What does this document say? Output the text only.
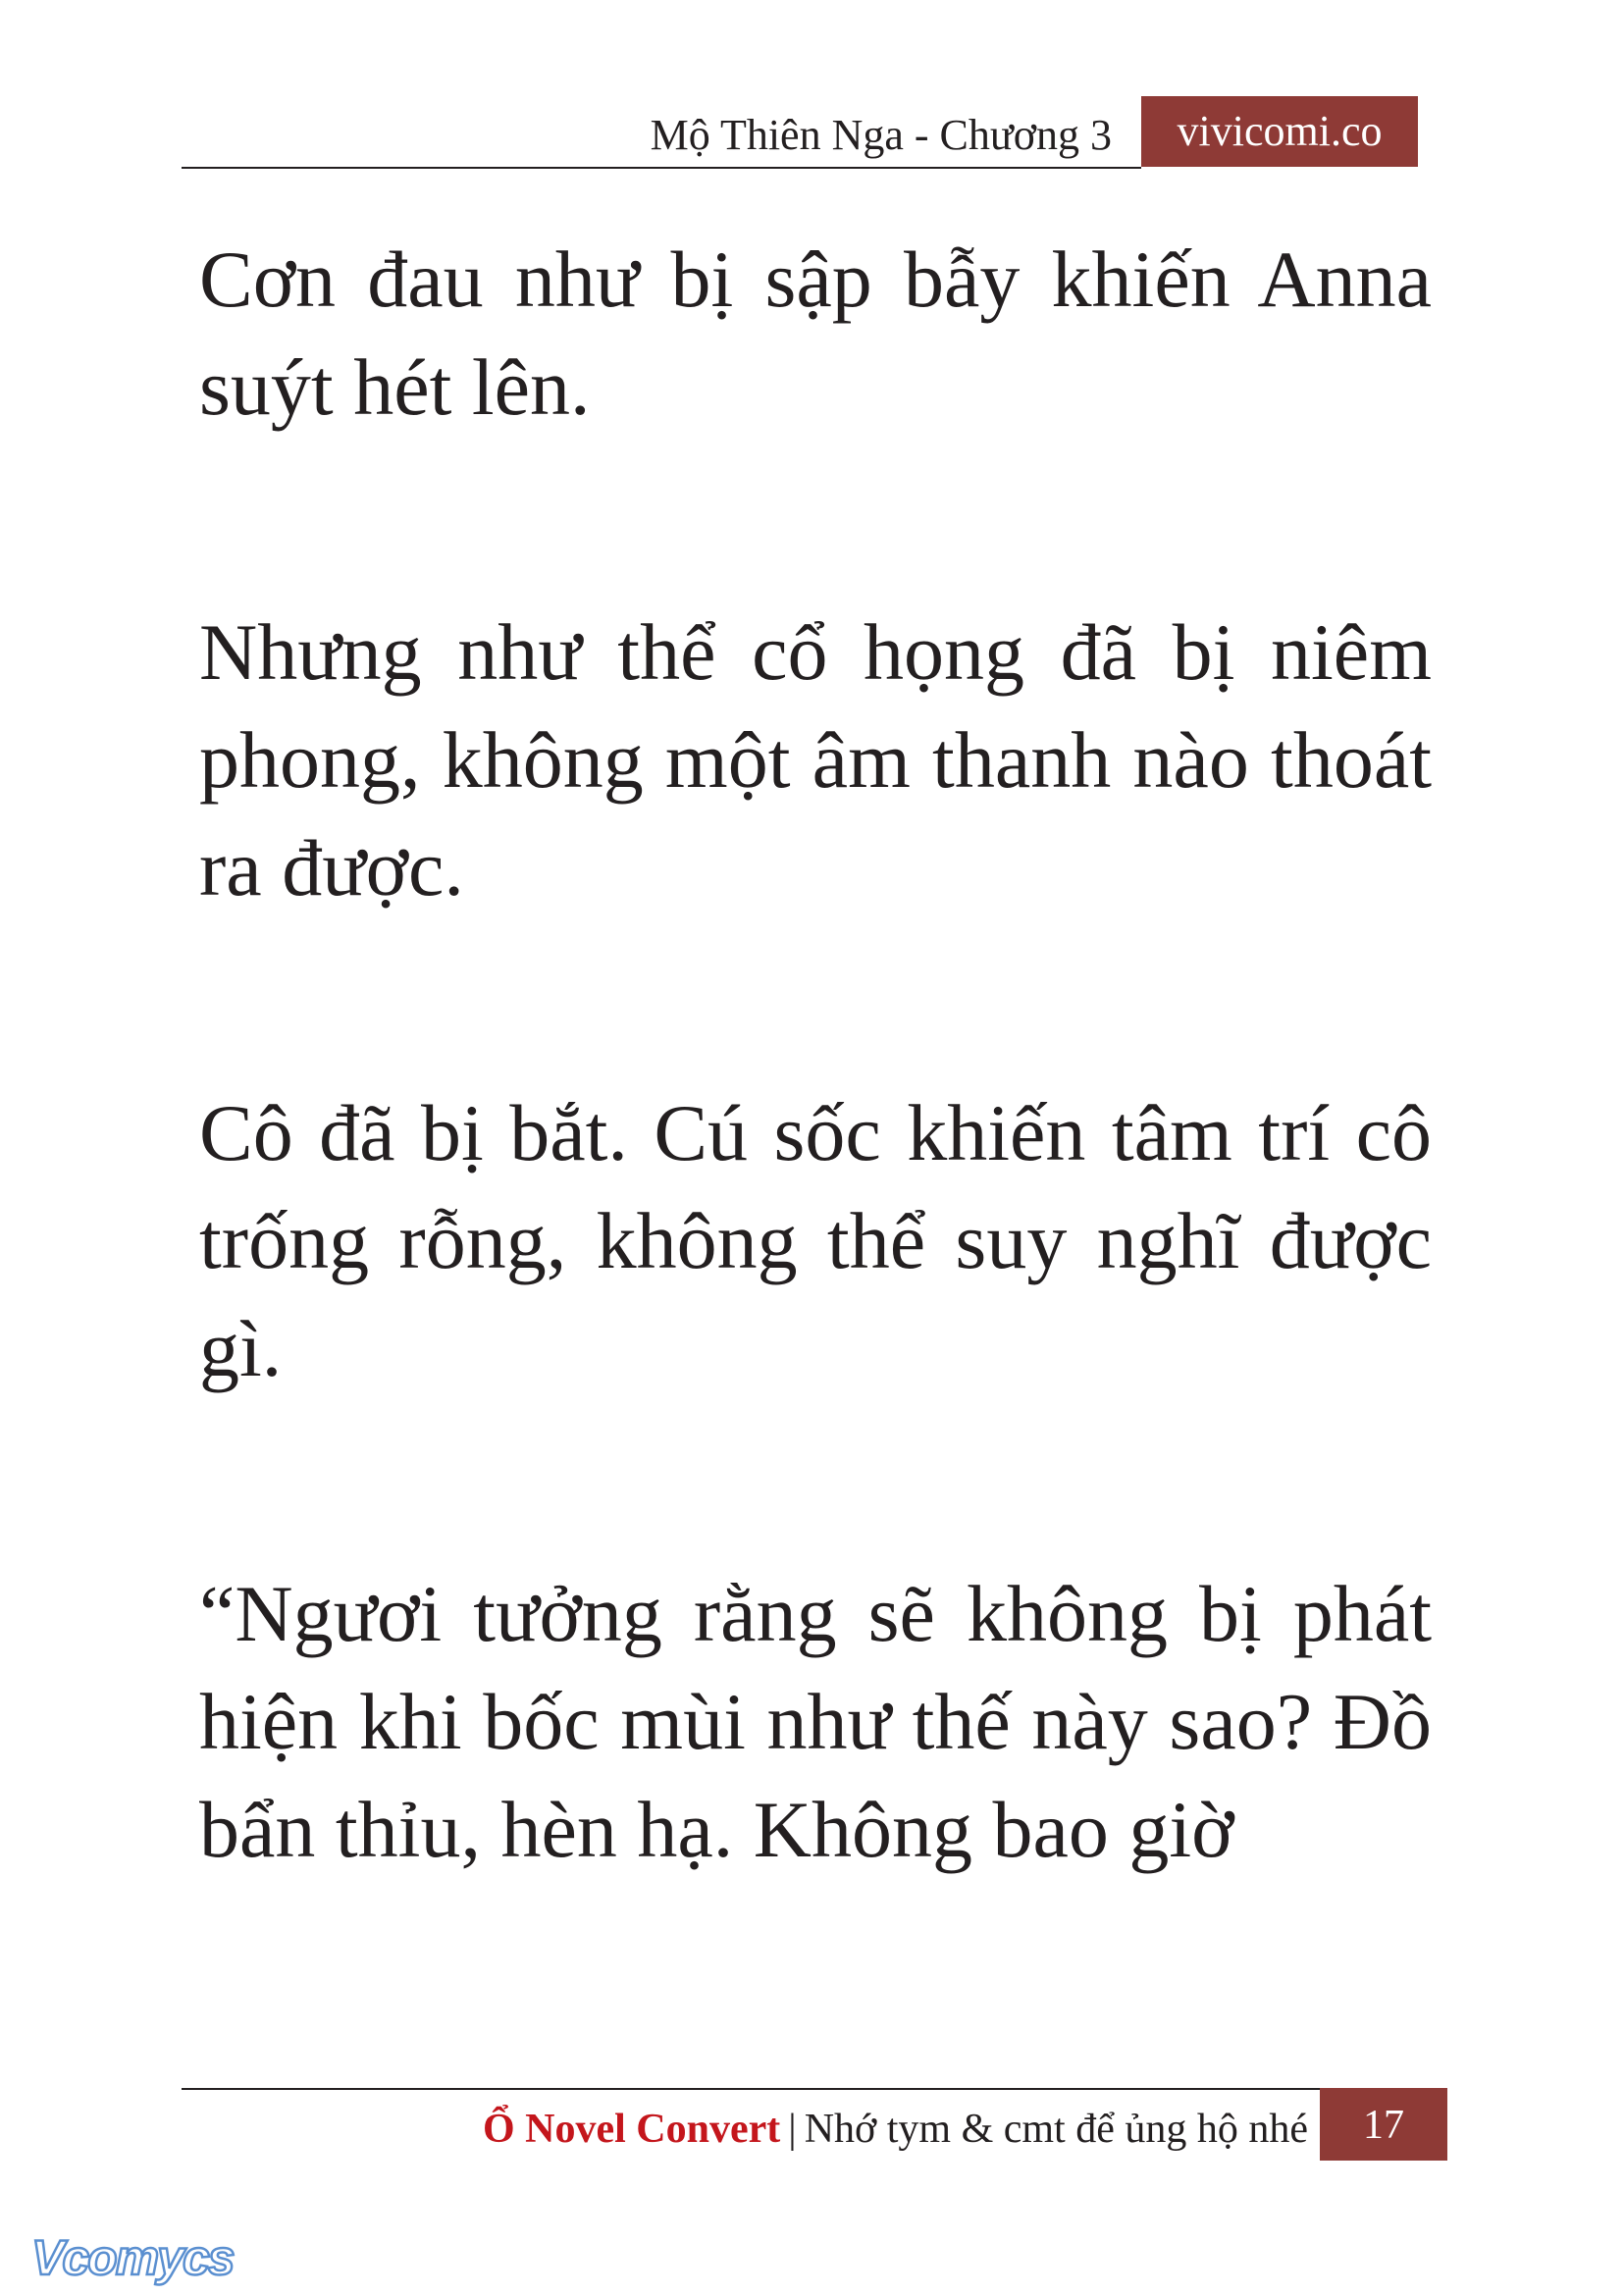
Mộ Thiên Nga - Chương 3	vivicomi.co

Cơn đau như bị sập bẫy khiến Anna suýt hét lên.

Nhưng như thể cổ họng đã bị niêm phong, không một âm thanh nào thoát ra được.

Cô đã bị bắt. Cú sốc khiến tâm trí cô trống rỗng, không thể suy nghĩ được gì.

“Ngươi tưởng rằng sẽ không bị phát hiện khi bốc mùi như thế này sao? Đồ bẩn thỉu, hèn hạ. Không bao giờ

Ổ Novel Convert | Nhớ tym & cmt để ủng hộ nhé	17
Vcomycs
